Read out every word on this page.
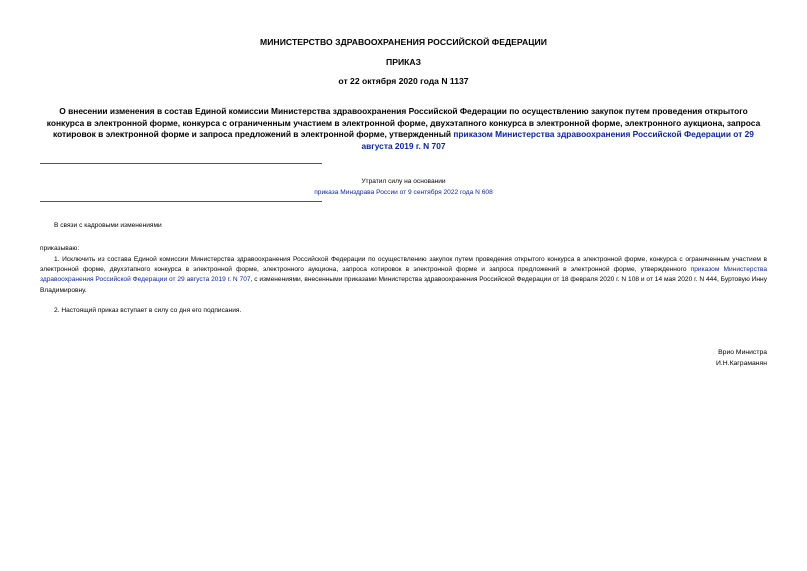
МИНИСТЕРСТВО ЗДРАВООХРАНЕНИЯ РОССИЙСКОЙ ФЕДЕРАЦИИ
ПРИКАЗ
от 22 октября 2020 года N 1137
О внесении изменения в состав Единой комиссии Министерства здравоохранения Российской Федерации по осуществлению закупок путем проведения открытого конкурса в электронной форме, конкурса с ограниченным участием в электронной форме, двухэтапного конкурса в электронной форме, электронного аукциона, запроса котировок в электронной форме и запроса предложений в электронной форме, утвержденный приказом Министерства здравоохранения Российской Федерации от 29 августа 2019 г. N 707
Утратил силу на основании
приказа Минздрава России от 9 сентября 2022 года N 608
В связи с кадровыми изменениями
приказываю:
1. Исключить из состава Единой комиссии Министерства здравоохранения Российской Федерации по осуществлению закупок путем проведения открытого конкурса в электронной форме, конкурса с ограниченным участием в электронной форме, двухэтапного конкурса в электронной форме, электронного аукциона, запроса котировок в электронной форме и запроса предложений в электронной форме, утвержденного приказом Министерства здравоохранения Российской Федерации от 29 августа 2019 г. N 707, с изменениями, внесенными приказами Министерства здравоохранения Российской Федерации от 18 февраля 2020 г. N 108 и от 14 мая 2020 г. N 444, Буртовую Инну Владимировну.
2. Настоящий приказ вступает в силу со дня его подписания.
Врио Министра
И.Н.Каграманян
